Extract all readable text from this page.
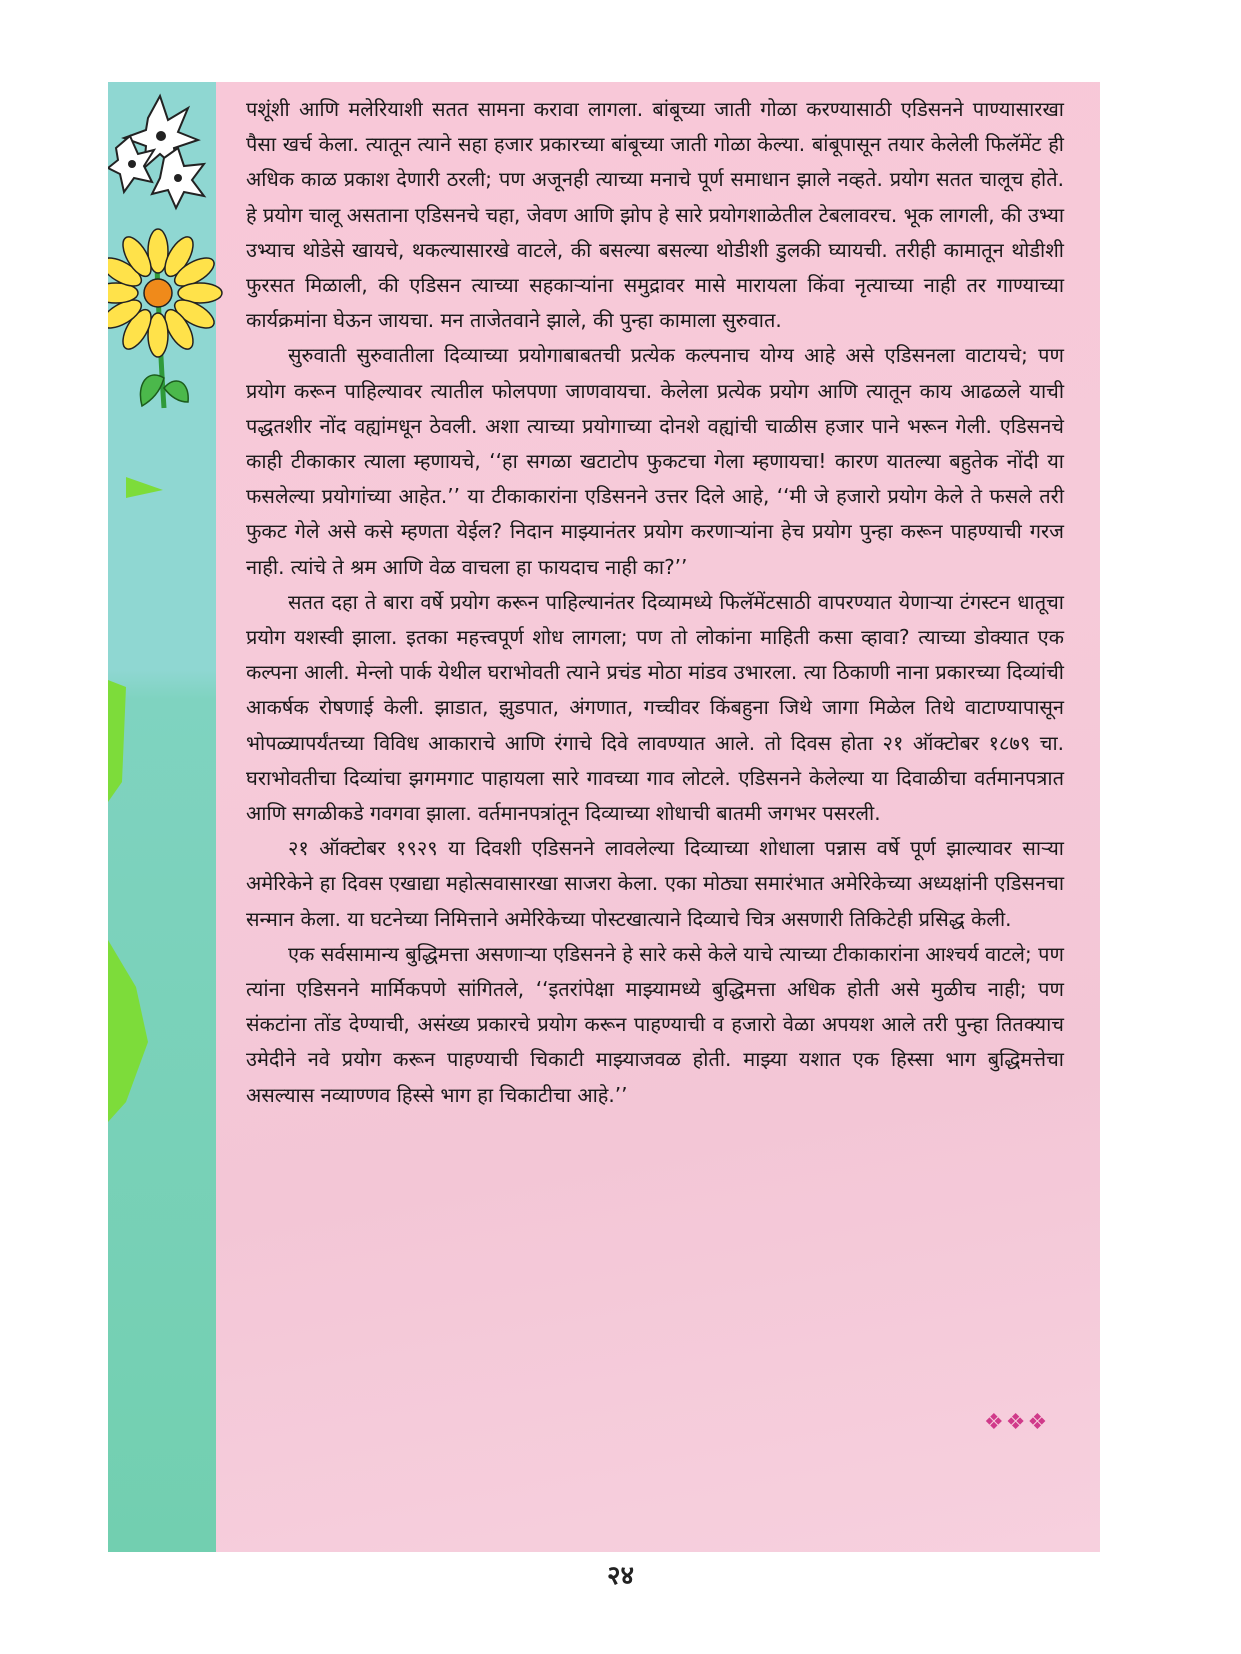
पशूंशी आणि मलेरियाशी सतत सामना करावा लागला. बांबूच्या जाती गोळा करण्यासाठी एडिसनने पाण्यासारखा पैसा खर्च केला. त्यातून त्याने सहा हजार प्रकारच्या बांबूच्या जाती गोळा केल्या. बांबूपासून तयार केलेली फिलॅमेंट ही अधिक काळ प्रकाश देणारी ठरली; पण अजूनही त्याच्या मनाचे पूर्ण समाधान झाले नव्हते. प्रयोग सतत चालूच होते. हे प्रयोग चालू असताना एडिसनचे चहा, जेवण आणि झोप हे सारे प्रयोगशाळेतील टेबलावरच. भूक लागली, की उभ्या उभ्याच थोडेसे खायचे, थकल्यासारखे वाटले, की बसल्या बसल्या थोडीशी डुलकी घ्यायची. तरीही कामातून थोडीशी फुरसत मिळाली, की एडिसन त्याच्या सहकाऱ्यांना समुद्रावर मासे मारायला किंवा नृत्याच्या नाही तर गाण्याच्या कार्यक्रमांना घेऊन जायचा. मन ताजेतवाने झाले, की पुन्हा कामाला सुरुवात.

सुरुवाती सुरुवातीला दिव्याच्या प्रयोगाबाबतची प्रत्येक कल्पनाच योग्य आहे असे एडिसनला वाटायचे; पण प्रयोग करून पाहिल्यावर त्यातील फोलपणा जाणवायचा. केलेला प्रत्येक प्रयोग आणि त्यातून काय आढळले याची पद्धतशीर नोंद वह्यांमधून ठेवली. अशा त्याच्या प्रयोगाच्या दोनशे वह्यांची चाळीस हजार पाने भरून गेली. एडिसनचे काही टीकाकार त्याला म्हणायचे, ‘‘हा सगळा खटाटोप फुकटचा गेला म्हणायचा! कारण यातल्या बहुतेक नोंदी या फसलेल्या प्रयोगांच्या आहेत.’’ या टीकाकारांना एडिसनने उत्तर दिले आहे, ‘‘मी जे हजारो प्रयोग केले ते फसले तरी फुकट गेले असे कसे म्हणता येईल? निदान माझ्यानंतर प्रयोग करणाऱ्यांना हेच प्रयोग पुन्हा करून पाहण्याची गरज नाही. त्यांचे ते श्रम आणि वेळ वाचला हा फायदाच नाही का?’’

सतत दहा ते बारा वर्षे प्रयोग करून पाहिल्यानंतर दिव्यामध्ये फिलॅमेंटसाठी वापरण्यात येणाऱ्या टंगस्टन धातूचा प्रयोग यशस्वी झाला. इतका महत्त्वपूर्ण शोध लागला; पण तो लोकांना माहिती कसा व्हावा? त्याच्या डोक्यात एक कल्पना आली. मेन्लो पार्क येथील घराभोवती त्याने प्रचंड मोठा मांडव उभारला. त्या ठिकाणी नाना प्रकारच्या दिव्यांची आकर्षक रोषणाई केली. झाडात, झुडपात, अंगणात, गच्चीवर किंबहुना जिथे जागा मिळेल तिथे वाटाण्यापासून भोपळ्यापर्यंतच्या विविध आकाराचे आणि रंगाचे दिवे लावण्यात आले. तो दिवस होता २१ ऑक्टोबर १८७९ चा. घराभोवतीचा दिव्यांचा झगमगाट पाहायला सारे गावच्या गाव लोटले. एडिसनने केलेल्या या दिवाळीचा वर्तमानपत्रात आणि सगळीकडे गवगवा झाला. वर्तमानपत्रांतून दिव्याच्या शोधाची बातमी जगभर पसरली.

२१ ऑक्टोबर १९२९ या दिवशी एडिसनने लावलेल्या दिव्याच्या शोधाला पन्नास वर्षे पूर्ण झाल्यावर साऱ्या अमेरिकेने हा दिवस एखाद्या महोत्सवासारखा साजरा केला. एका मोठ्या समारंभात अमेरिकेच्या अध्यक्षांनी एडिसनचा सन्मान केला. या घटनेच्या निमित्ताने अमेरिकेच्या पोस्टखात्याने दिव्याचे चित्र असणारी तिकिटेही प्रसिद्ध केली.

एक सर्वसामान्य बुद्धिमत्ता असणाऱ्या एडिसनने हे सारे कसे केले याचे त्याच्या टीकाकारांना आश्चर्य वाटले; पण त्यांना एडिसनने मार्मिकपणे सांगितले, ‘‘इतरांपेक्षा माझ्यामध्ये बुद्धिमत्ता अधिक होती असे मुळीच नाही; पण संकटांना तोंड देण्याची, असंख्य प्रकारचे प्रयोग करून पाहण्याची व हजारो वेळा अपयश आले तरी पुन्हा तितक्याच उमेदीने नवे प्रयोग करून पाहण्याची चिकाटी माझ्याजवळ होती. माझ्या यशात एक हिस्सा भाग बुद्धिमत्तेचा असल्यास नव्याण्णव हिस्से भाग हा चिकाटीचा आहे.’’

❖❖❖
२४
